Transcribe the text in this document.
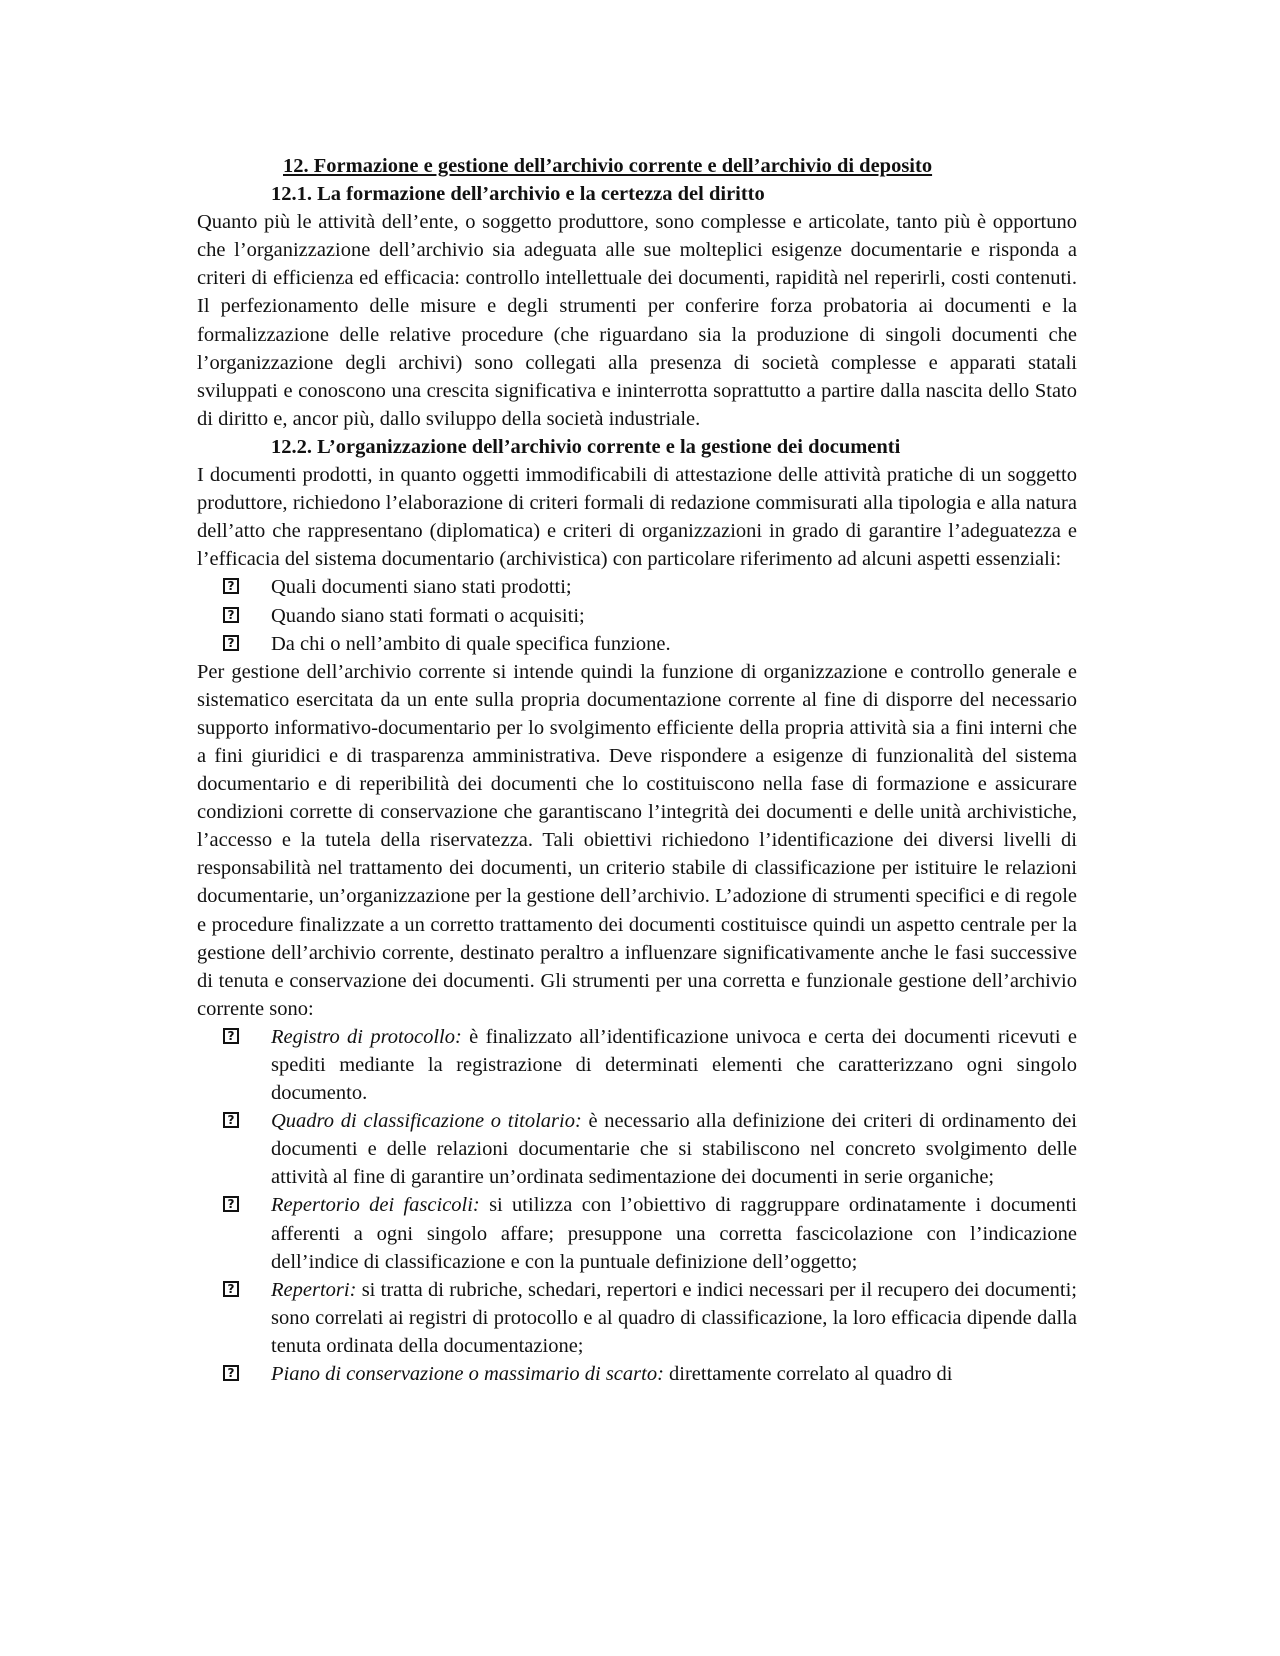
12. Formazione e gestione dell’archivio corrente e dell’archivio di deposito
12.1. La formazione dell’archivio e la certezza del diritto

Quanto più le attività dell’ente, o soggetto produttore, sono complesse e articolate, tanto più è opportuno che l’organizzazione dell’archivio sia adeguata alle sue molteplici esigenze documentarie e risponda a criteri di efficienza ed efficacia: controllo intellettuale dei documenti, rapidità nel reperirli, costi contenuti. Il perfezionamento delle misure e degli strumenti per conferire forza probatoria ai documenti e la formalizzazione delle relative procedure (che riguardano sia la produzione di singoli documenti che l’organizzazione degli archivi) sono collegati alla presenza di società complesse e apparati statali sviluppati e conoscono una crescita significativa e ininterrotta soprattutto a partire dalla nascita dello Stato di diritto e, ancor più, dallo sviluppo della società industriale.

12.2. L’organizzazione dell’archivio corrente e la gestione dei documenti

I documenti prodotti, in quanto oggetti immodificabili di attestazione delle attività pratiche di un soggetto produttore, richiedono l’elaborazione di criteri formali di redazione commisurati alla tipologia e alla natura dell’atto che rappresentano (diplomatica) e criteri di organizzazioni in grado di garantire l’adeguatezza e l’efficacia del sistema documentario (archivistica) con particolare riferimento ad alcuni aspetti essenziali:

? Quali documenti siano stati prodotti;
? Quando siano stati formati o acquisiti;
? Da chi o nell’ambito di quale specifica funzione.

Per gestione dell’archivio corrente si intende quindi la funzione di organizzazione e controllo generale e sistematico esercitata da un ente sulla propria documentazione corrente al fine di disporre del necessario supporto informativo-documentario per lo svolgimento efficiente della propria attività sia a fini interni che a fini giuridici e di trasparenza amministrativa. Deve rispondere a esigenze di funzionalità del sistema documentario e di reperibilità dei documenti che lo costituiscono nella fase di formazione e assicurare condizioni corrette di conservazione che garantiscano l’integrità dei documenti e delle unità archivistiche, l’accesso e la tutela della riservatezza. Tali obiettivi richiedono l’identificazione dei diversi livelli di responsabilità nel trattamento dei documenti, un criterio stabile di classificazione per istituire le relazioni documentarie, un’organizzazione per la gestione dell’archivio. L’adozione di strumenti specifici e di regole e procedure finalizzate a un corretto trattamento dei documenti costituisce quindi un aspetto centrale per la gestione dell’archivio corrente, destinato peraltro a influenzare significativamente anche le fasi successive di tenuta e conservazione dei documenti. Gli strumenti per una corretta e funzionale gestione dell’archivio corrente sono:

? Registro di protocollo: è finalizzato all’identificazione univoca e certa dei documenti ricevuti e spediti mediante la registrazione di determinati elementi che caratterizzano ogni singolo documento.
? Quadro di classificazione o titolario: è necessario alla definizione dei criteri di ordinamento dei documenti e delle relazioni documentarie che si stabiliscono nel concreto svolgimento delle attività al fine di garantire un’ordinata sedimentazione dei documenti in serie organiche;
? Repertorio dei fascicoli: si utilizza con l’obiettivo di raggruppare ordinatamente i documenti afferenti a ogni singolo affare; presuppone una corretta fascicolazione con l’indicazione dell’indice di classificazione e con la puntuale definizione dell’oggetto;
? Repertori: si tratta di rubriche, schedari, repertori e indici necessari per il recupero dei documenti; sono correlati ai registri di protocollo e al quadro di classificazione, la loro efficacia dipende dalla tenuta ordinata della documentazione;
? Piano di conservazione o massimario di scarto: direttamente correlato al quadro di
